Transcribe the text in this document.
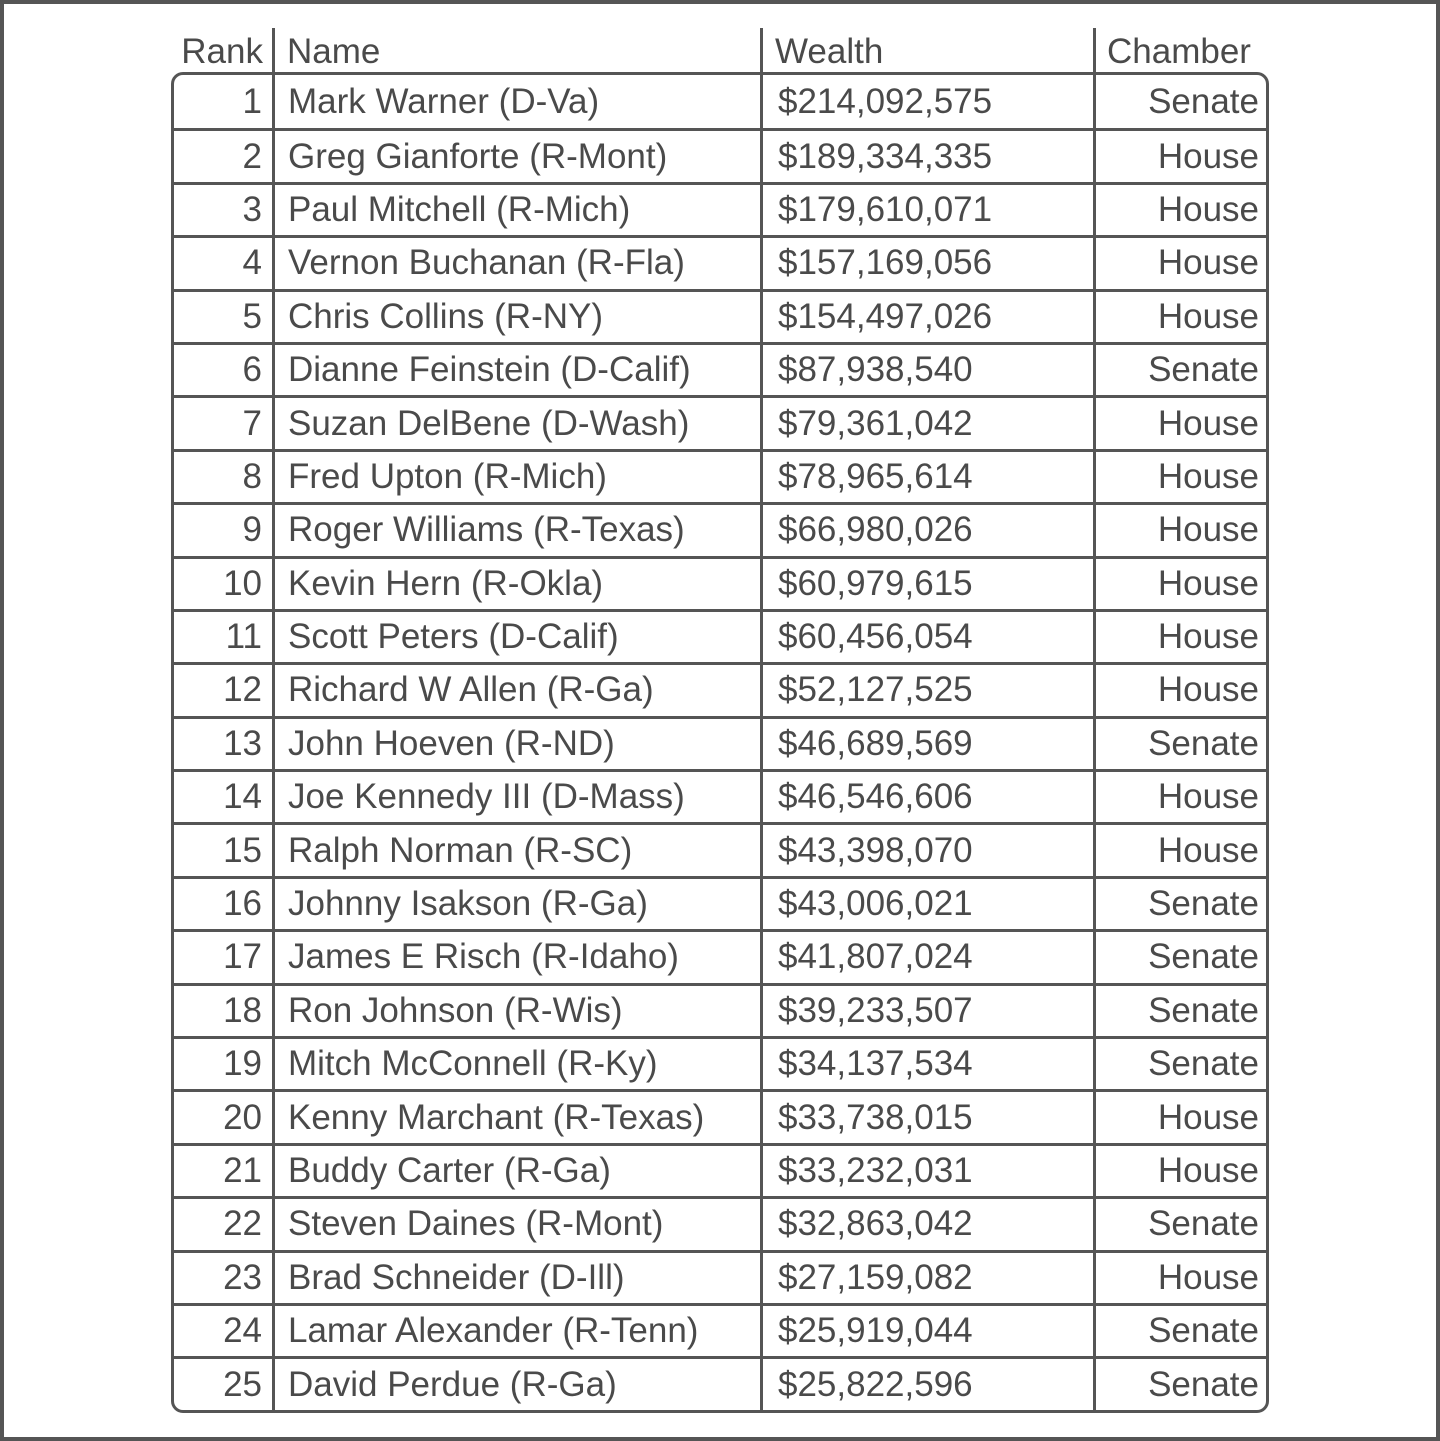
Rank Name	Wealth	Chamber
1 Mark Warner (D-Va)	$214,092,575	Senate
2 Greg Gianforte (R-Mont)	$189,334,335	House
3 Paul Mitchell (R-Mich)	$179,610,071	House
4 Vernon Buchanan (R-Fla)	$157,169,056	House
5 Chris Collins (R-NY)	$154,497,026	House
6 Dianne Feinstein (D-Calif) $87,938,540	Senate
7 Suzan DelBene (D-Wash)	$79,361,042	House
8 Fred Upton (R-Mich)	$78,965,614	House
9 Roger Williams (R-Texas)	$66,980,026	House
10 Kevin Hern (R-Okla)	$60,979,615	House
11 Scott Peters (D-Calif)	$60,456,054	House
12 Richard W Allen (R-Ga)	$52,127,525	House
13 John Hoeven (R-ND)	$46,689,569	Senate
14 Joe Kennedy III (D-Mass)	$46,546,606	House
15 Ralph Norman (R-SC)	$43,398,070	House
16 Johnny Isakson (R-Ga)	$43,006,021	Senate
17 James E Risch (R-Idaho)	$41,807,024	Senate
18 Ron Johnson (R-Wis)	$39,233,507	Senate
19 Mitch McConnell (R-Ky)	$34,137,534	Senate
20 Kenny Marchant (R-Texas) $33,738,015	House
21 Buddy Carter (R-Ga)	$33,232,031	House
22 Steven Daines (R-Mont)	$32,863,042	Senate
23 Brad Schneider (D-Ill)	$27,159,082	House
24 Lamar Alexander (R-Tenn) $25,919,044	Senate
25 David Perdue (R-Ga)	$25,822,596	Senate
